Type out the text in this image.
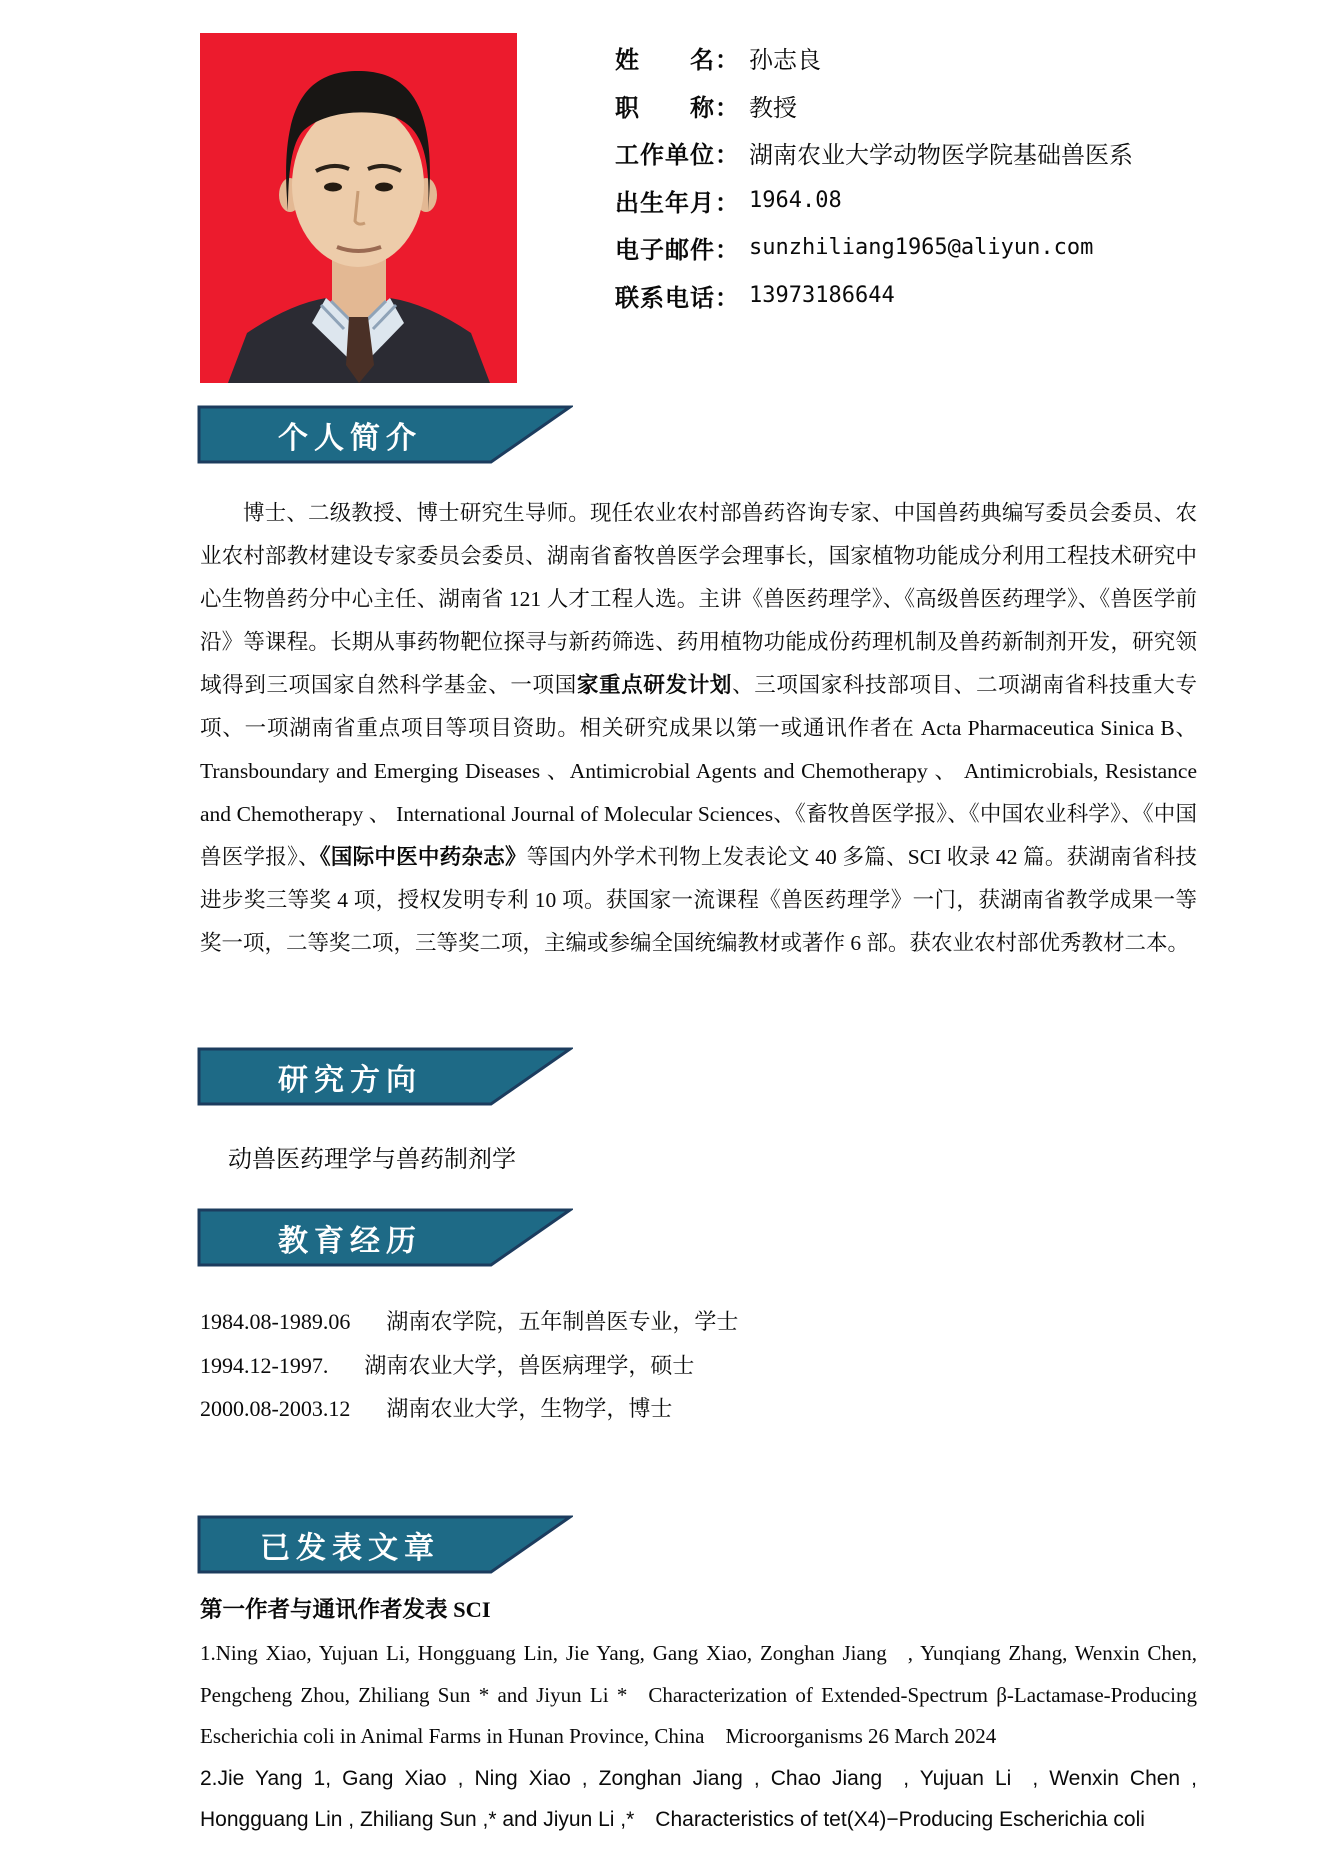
姓　　名： 孙志良
职　　称： 教授
工作单位： 湖南农业大学动物医学院基础兽医系
出生年月： 1964.08
电子邮件： sunzhiliang1965@aliyun.com
联系电话： 13973186644
个人简介

博士、二级教授、博士研究生导师。现任农业农村部兽药咨询专家、中国兽药典编写委员会委员、农业农村部教材建设专家委员会委员、湖南省畜牧兽医学会理事长，国家植物功能成分利用工程技术研究中心生物兽药分中心主任、湖南省 121 人才工程人选。主讲《兽医药理学》、《高级兽医药理学》、《兽医学前沿》等课程。长期从事药物靶位探寻与新药筛选、药用植物功能成份药理机制及兽药新制剂开发，研究领域得到三项国家自然科学基金、一项国家重点研发计划、三项国家科技部项目、二项湖南省科技重大专项、一项湖南省重点项目等项目资助。相关研究成果以第一或通讯作者在 Acta Pharmaceutica Sinica B、Transboundary and Emerging Diseases 、Antimicrobial Agents and Chemotherapy 、 Antimicrobials, Resistance and Chemotherapy 、 International Journal of Molecular Sciences、《畜牧兽医学报》、《中国农业科学》、《中国兽医学报》、《国际中医中药杂志》等国内外学术刊物上发表论文 40 多篇、SCI 收录 42 篇。获湖南省科技进步奖三等奖 4 项，授权发明专利 10 项。获国家一流课程《兽医药理学》一门，获湖南省教学成果一等奖一项，二等奖二项，三等奖二项，主编或参编全国统编教材或著作 6 部。获农业农村部优秀教材二本。

研究方向
动兽医药理学与兽药制剂学
教育经历
1984.08-1989.06 湖南农学院，五年制兽医专业，学士
1994.12-1997. 湖南农业大学，兽医病理学，硕士
2000.08-2003.12 湖南农业大学，生物学，博士
已发表文章
第一作者与通讯作者发表 SCI

1.Ning Xiao, Yujuan Li, Hongguang Lin, Jie Yang, Gang Xiao, Zonghan Jiang , Yunqiang Zhang, Wenxin Chen, Pengcheng Zhou, Zhiliang Sun * and Jiyun Li *  Characterization of Extended-Spectrum β-Lactamase-Producing Escherichia coli in Animal Farms in Hunan Province, China  Microorganisms 26 March 2024

2.Jie Yang 1, Gang Xiao , Ning Xiao , Zonghan Jiang , Chao Jiang , Yujuan Li , Wenxin Chen , Hongguang Lin , Zhiliang Sun ,* and Jiyun Li ,*  Characteristics of tet(X4)−Producing Escherichia coli
